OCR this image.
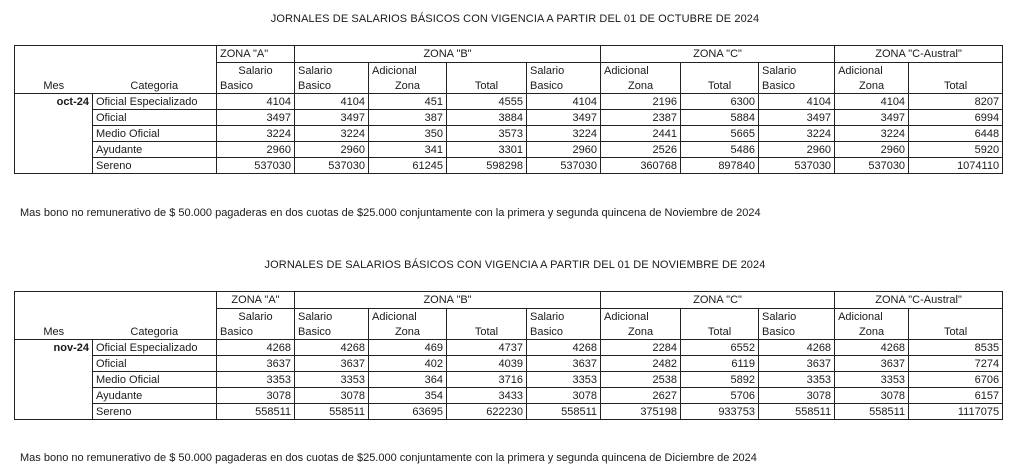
JORNALES DE SALARIOS BÁSICOS CON VIGENCIA A PARTIR DEL 01 DE OCTUBRE DE 2024
		ZONA "A"	ZONA "B"				ZONA "C"			ZONA "C-Austral"	
		Salario	Salario	Adicional		Salario	Adicional		Salario	Adicional	
Mes	Categoria	Basico	Basico	Zona	Total	Basico	Zona	Total	Basico	Zona	Total
oct-24	Oficial Especializado	4104	4104	451	4555	4104	2196	6300	4104	4104	8207
	Oficial	3497	3497	387	3884	3497	2387	5884	3497	3497	6994
	Medio Oficial	3224	3224	350	3573	3224	2441	5665	3224	3224	6448
	Ayudante	2960	2960	341	3301	2960	2526	5486	2960	2960	5920
	Sereno	537030	537030	61245	598298	537030	360768	897840	537030	537030	1074110
Mas bono no remunerativo de $ 50.000 pagaderas en dos cuotas de $25.000 conjuntamente con la primera y segunda quincena de Noviembre de 2024
JORNALES DE SALARIOS BÁSICOS CON VIGENCIA A PARTIR DEL 01 DE NOVIEMBRE DE 2024
		ZONA "A"	ZONA "B"				ZONA "C"			ZONA "C-Austral"	
		Salario	Salario	Adicional		Salario	Adicional		Salario	Adicional	
Mes	Categoria	Basico	Basico	Zona	Total	Basico	Zona	Total	Basico	Zona	Total
nov-24	Oficial Especializado	4268	4268	469	4737	4268	2284	6552	4268	4268	8535
	Oficial	3637	3637	402	4039	3637	2482	6119	3637	3637	7274
	Medio Oficial	3353	3353	364	3716	3353	2538	5892	3353	3353	6706
	Ayudante	3078	3078	354	3433	3078	2627	5706	3078	3078	6157
	Sereno	558511	558511	63695	622230	558511	375198	933753	558511	558511	1117075
Mas bono no remunerativo de $ 50.000 pagaderas en dos cuotas de $25.000 conjuntamente con la primera y segunda quincena de Diciembre de 2024
